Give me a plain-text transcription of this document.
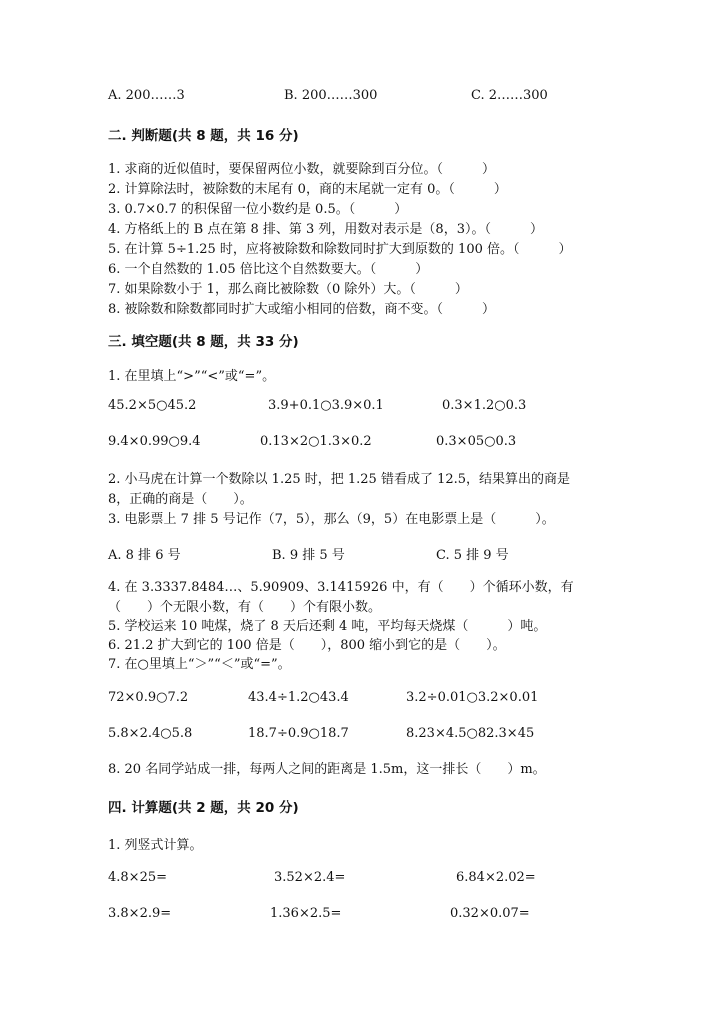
A. 200……3	B. 200……300	C. 2……300
二. 判断题(共 8 题，共 16 分)
1. 求商的近似值时，要保留两位小数，就要除到百分位。（　　　）
2. 计算除法时，被除数的末尾有 0，商的末尾就一定有 0。（　　　）
3. 0.7×0.7 的积保留一位小数约是 0.5。（　　　）
4. 方格纸上的 B 点在第 8 排、第 3 列，用数对表示是（8，3）。（　　　）
5. 在计算 5÷1.25 时，应将被除数和除数同时扩大到原数的 100 倍。（　　　）
6. 一个自然数的 1.05 倍比这个自然数要大。（　　　）
7. 如果除数小于 1，那么商比被除数（0 除外）大。（　　　）
8. 被除数和除数都同时扩大或缩小相同的倍数，商不变。（　　　）
三. 填空题(共 8 题，共 33 分)
1. 在里填上“>”“<”或“=”。
45.2×5○45.2	3.9+0.1○3.9×0.1	0.3×1.2○0.3
9.4×0.99○9.4	0.13×2○1.3×0.2	0.3×05○0.3
2. 小马虎在计算一个数除以 1.25 时，把 1.25 错看成了 12.5，结果算出的商是
8，正确的商是（　　）。
3. 电影票上 7 排 5 号记作（7，5），那么（9，5）在电影票上是（　　　）。
A. 8 排 6 号	B. 9 排 5 号	C. 5 排 9 号
4. 在 3.3337.8484…、5.90909、3.1415926 中，有（　　）个循环小数，有
（　　）个无限小数，有（　　）个有限小数。
5. 学校运来 10 吨煤，烧了 8 天后还剩 4 吨，平均每天烧煤（　　　）吨。
6. 21.2 扩大到它的 100 倍是（　　），800 缩小到它的是（　　）。
7. 在○里填上“＞”“＜”或“=”。
72×0.9○7.2	43.4÷1.2○43.4	3.2÷0.01○3.2×0.01
5.8×2.4○5.8	18.7÷0.9○18.7	8.23×4.5○82.3×45
8. 20 名同学站成一排，每两人之间的距离是 1.5m，这一排长（　　）m。
四. 计算题(共 2 题，共 20 分)
1. 列竖式计算。
4.8×25=	3.52×2.4=	6.84×2.02=
3.8×2.9=	1.36×2.5=	0.32×0.07=
